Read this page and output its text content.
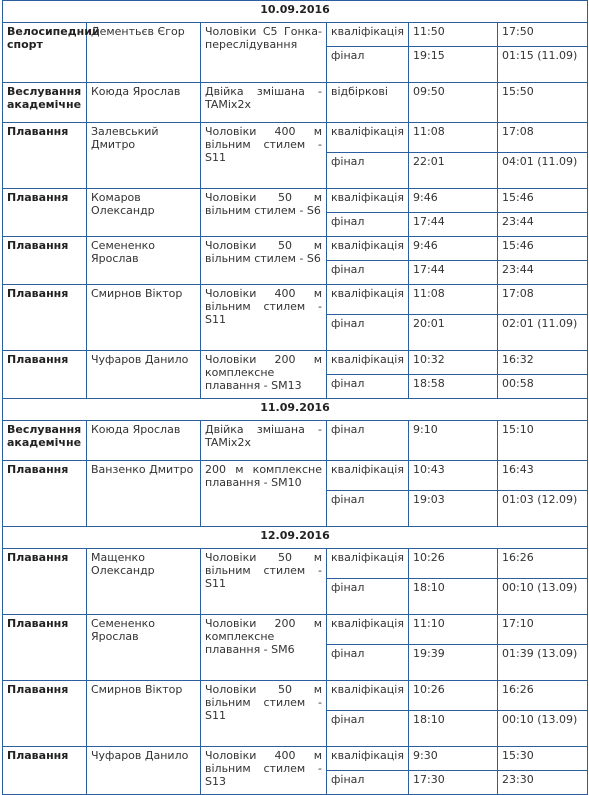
10.09.2016					
Велосипедний спорт	Дементьєв Єгор	Чоловіки C5 Гонка-переслідування	кваліфікація	11:50	17:50
			фінал	19:15	01:15 (11.09)
Веслування академічне	Коюда Ярослав	Двійка змішана - TAMix2x	відбіркові	09:50	15:50
Плавання	Залевський Дмитро	Чоловіки 400 м вільним стилем - S11	кваліфікація	11:08	17:08
			фінал	22:01	04:01 (11.09)
Плавання	Комаров Олександр	Чоловіки 50 м вільним стилем - S6	кваліфікація	9:46	15:46
			фінал	17:44	23:44
Плавання	Семененко Ярослав	Чоловіки 50 м вільним стилем - S6	кваліфікація	9:46	15:46
			фінал	17:44	23:44
Плавання	Смирнов Віктор	Чоловіки 400 м вільним стилем - S11	кваліфікація	11:08	17:08
			фінал	20:01	02:01 (11.09)
Плавання	Чуфаров Данило	Чоловіки 200 м комплексне плавання - SM13	кваліфікація	10:32	16:32
			фінал	18:58	00:58
11.09.2016					
Веслування академічне	Коюда Ярослав	Двійка змішана - TAMix2x	фінал	9:10	15:10
Плавання	Ванзенко Дмитро	200 м комплексне плавання - SM10	кваліфікація	10:43	16:43
			фінал	19:03	01:03 (12.09)
12.09.2016					
Плавання	Мащенко Олександр	Чоловіки 50 м вільним стилем - S11	кваліфікація	10:26	16:26
			фінал	18:10	00:10 (13.09)
Плавання	Семененко Ярослав	Чоловіки 200 м комплексне плавання - SM6	кваліфікація	11:10	17:10
			фінал	19:39	01:39 (13.09)
Плавання	Смирнов Віктор	Чоловіки 50 м вільним стилем - S11	кваліфікація	10:26	16:26
			фінал	18:10	00:10 (13.09)
Плавання	Чуфаров Данило	Чоловіки 400 м вільним стилем - S13	кваліфікація	9:30	15:30
			фінал	17:30	23:30
